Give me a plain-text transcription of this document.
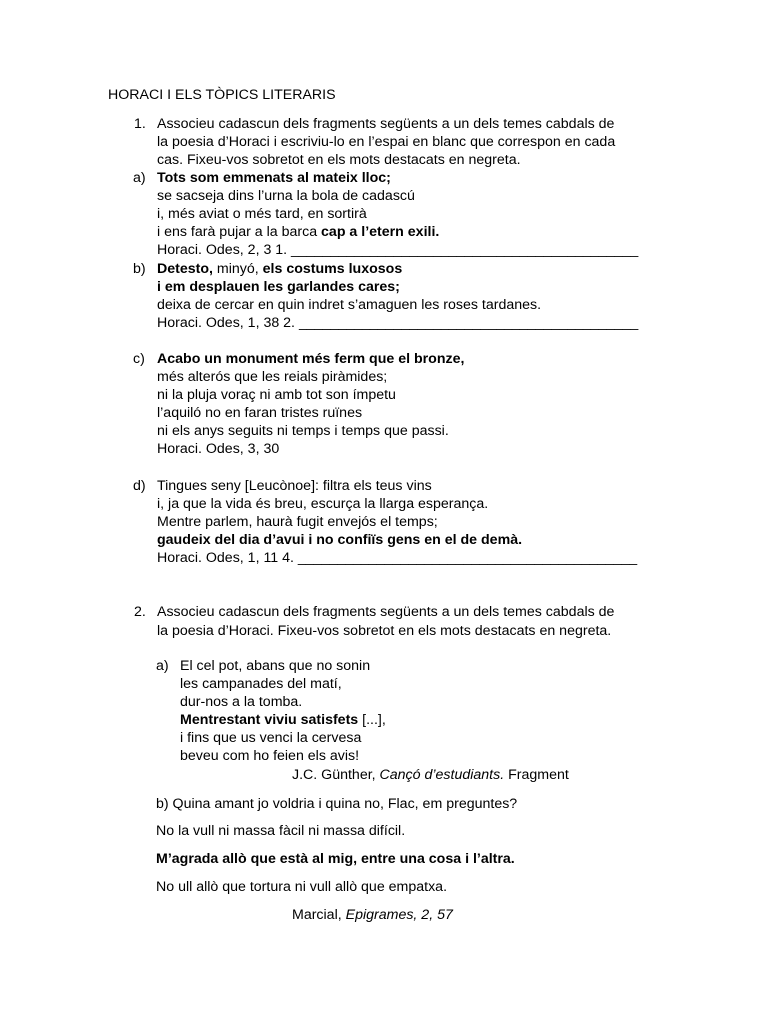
HORACI I ELS TÒPICS LITERARIS
1. Associeu cadascun dels fragments següents a un dels temes cabdals de
la poesia d’Horaci i escriviu-lo en l’espai en blanc que correspon en cada
cas. Fixeu-vos sobretot en els mots destacats en negreta.
a) Tots som emmenats al mateix lloc;
se sacseja dins l’urna la bola de cadascú
i, més aviat o més tard, en sortirà
i ens farà pujar a la barca cap a l’etern exili.
Horaci. Odes, 2, 3 1. ____________________________________________
b) Detesto, minyó, els costums luxosos
i em desplauen les garlandes cares;
deixa de cercar en quin indret s’amaguen les roses tardanes.
Horaci. Odes, 1, 38 2. ___________________________________________
c) Acabo un monument més ferm que el bronze,
més alterós que les reials piràmides;
ni la pluja voraç ni amb tot son ímpetu
l’aquiló no en faran tristes ruïnes
ni els anys seguits ni temps i temps que passi.
Horaci. Odes, 3, 30
d) Tingues seny [Leucònoe]: filtra els teus vins
i, ja que la vida és breu, escurça la llarga esperança.
Mentre parlem, haurà fugit envejós el temps;
gaudeix del dia d’avui i no confiïs gens en el de demà.
Horaci. Odes, 1, 11 4. ___________________________________________
2. Associeu cadascun dels fragments següents a un dels temes cabdals de
la poesia d’Horaci. Fixeu-vos sobretot en els mots destacats en negreta.
a) El cel pot, abans que no sonin
les campanades del matí,
dur-nos a la tomba.
Mentrestant viviu satisfets [...],
i fins que us venci la cervesa
beveu com ho feien els avis!
J.C. Günther, Cançó d’estudiants. Fragment
b) Quina amant jo voldria i quina no, Flac, em preguntes?
No la vull ni massa fàcil ni massa difícil.
M’agrada allò que està al mig, entre una cosa i l’altra.
No ull allò que tortura ni vull allò que empatxa.
Marcial, Epigrames, 2, 57
